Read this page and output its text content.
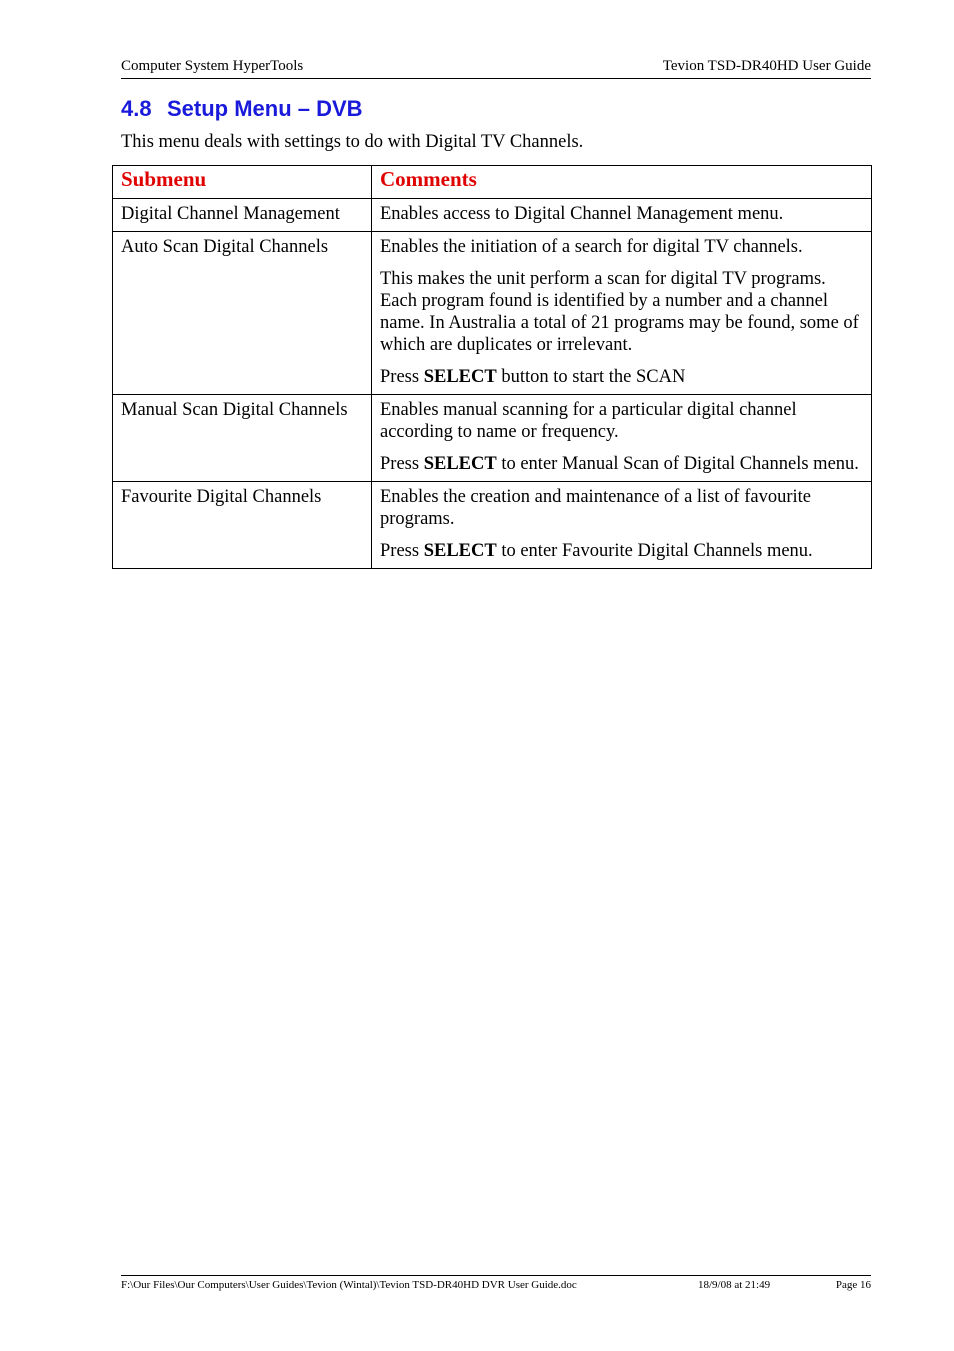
Computer System HyperTools	Tevion TSD-DR40HD User Guide
4.8 Setup Menu – DVB

This menu deals with settings to do with Digital TV Channels.

Submenu	Comments
Digital Channel Management	Enables access to Digital Channel Management menu.

Auto Scan Digital Channels	Enables the initiation of a search for digital TV channels.

This makes the unit perform a scan for digital TV programs. Each program found is identified by a number and a channel name. In Australia a total of 21 programs may be found, some of which are duplicates or irrelevant.

Press SELECT button to start the SCAN

Manual Scan Digital Channels	Enables manual scanning for a particular digital channel according to name or frequency.

Press SELECT to enter Manual Scan of Digital Channels menu.

Favourite Digital Channels	Enables the creation and maintenance of a list of favourite programs.

Press SELECT to enter Favourite Digital Channels menu.

F:\Our Files\Our Computers\User Guides\Tevion (Wintal)\Tevion TSD-DR40HD DVR User Guide.doc	18/9/08 at 21:49	Page 16
